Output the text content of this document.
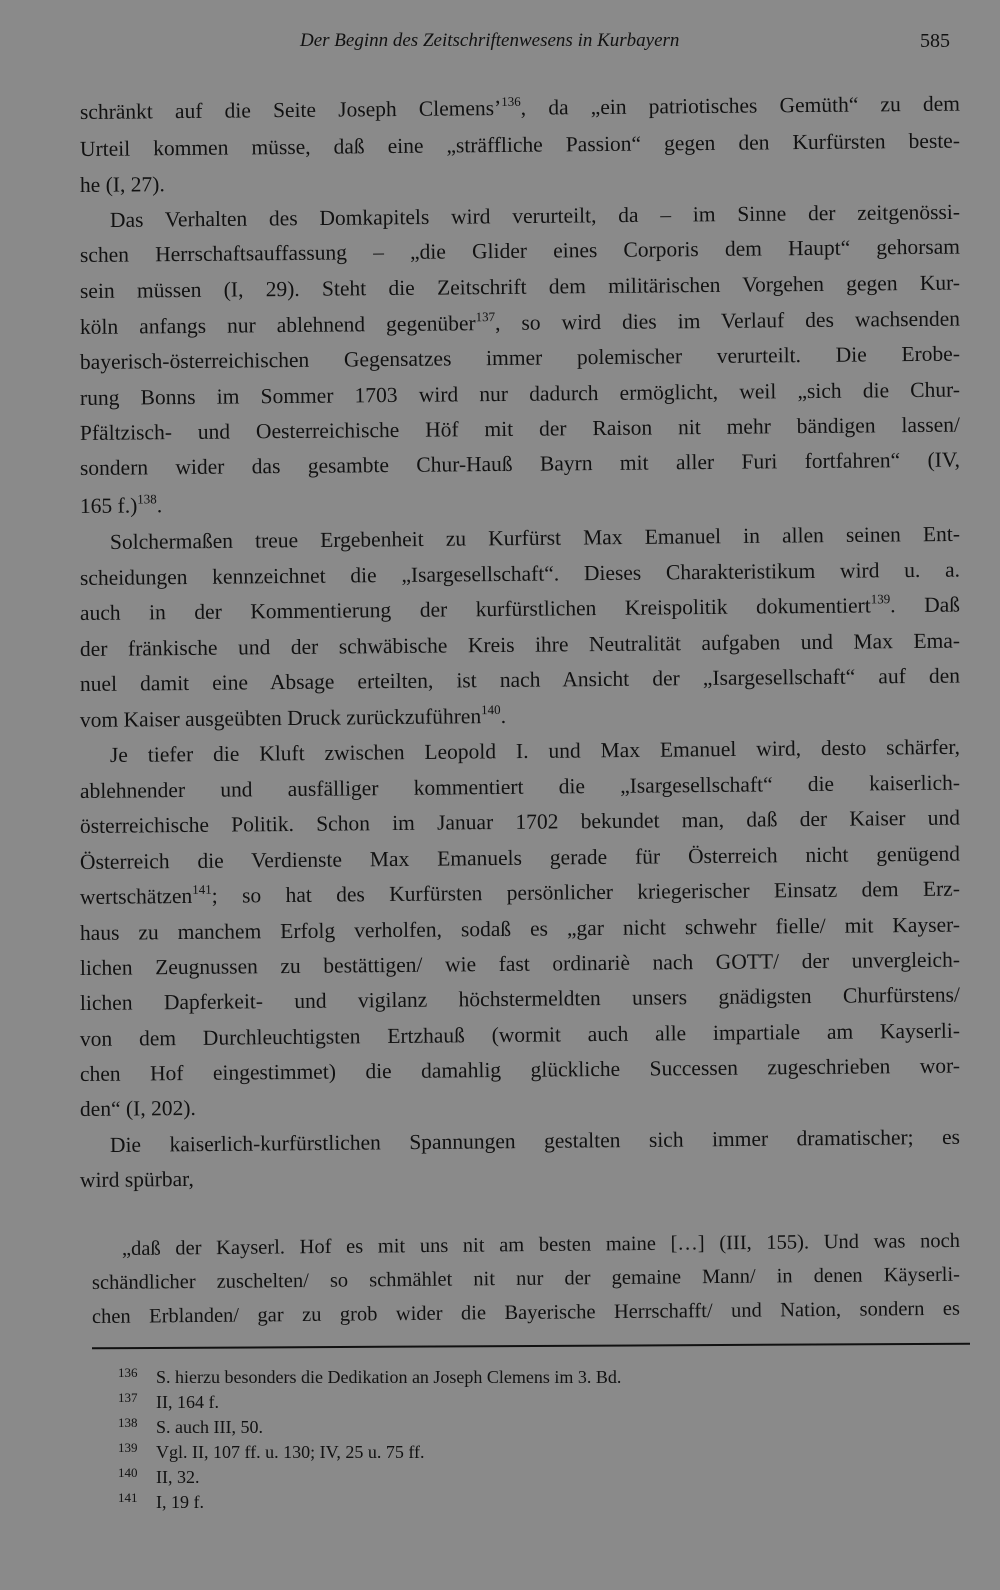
Der Beginn des Zeitschriftenwesens in Kurbayern	585
schränkt auf die Seite Joseph Clemens’$^{136}$, da „ein patriotisches Gemüth“ zu dem
Urteil kommen müsse, daß eine „sträffliche Passion“ gegen den Kurfürsten beste-
he (I, 27).
Das Verhalten des Domkapitels wird verurteilt, da – im Sinne der zeitgenössi-
schen Herrschaftsauffassung – „die Glider eines Corporis dem Haupt“ gehorsam
sein müssen (I, 29). Steht die Zeitschrift dem militärischen Vorgehen gegen Kur-
köln anfangs nur ablehnend gegenüber$^{137}$, so wird dies im Verlauf des wachsenden
bayerisch-österreichischen Gegensatzes immer polemischer verurteilt. Die Erobe-
rung Bonns im Sommer 1703 wird nur dadurch ermöglicht, weil „sich die Chur-
Pfältzisch- und Oesterreichische Höf mit der Raison nit mehr bändigen lassen/
sondern wider das gesambte Chur-Hauß Bayrn mit aller Furi fortfahren“ (IV,
165 f.)$^{138}$.
Solchermaßen treue Ergebenheit zu Kurfürst Max Emanuel in allen seinen Ent-
scheidungen kennzeichnet die „Isargesellschaft“. Dieses Charakteristikum wird u. a.
auch in der Kommentierung der kurfürstlichen Kreispolitik dokumentiert$^{139}$. Daß
der fränkische und der schwäbische Kreis ihre Neutralität aufgaben und Max Ema-
nuel damit eine Absage erteilten, ist nach Ansicht der „Isargesellschaft“ auf den
vom Kaiser ausgeübten Druck zurückzuführen$^{140}$.
Je tiefer die Kluft zwischen Leopold I. und Max Emanuel wird, desto schärfer,
ablehnender und ausfälliger kommentiert die „Isargesellschaft“ die kaiserlich-
österreichische Politik. Schon im Januar 1702 bekundet man, daß der Kaiser und
Österreich die Verdienste Max Emanuels gerade für Österreich nicht genügend
wertschätzen$^{141}$; so hat des Kurfürsten persönlicher kriegerischer Einsatz dem Erz-
haus zu manchem Erfolg verholfen, sodaß es „gar nicht schwehr fielle/ mit Kayser-
lichen Zeugnussen zu bestättigen/ wie fast ordinariè nach GOTT/ der unvergleich-
lichen Dapferkeit- und vigilanz höchstermeldten unsers gnädigsten Churfürstens/
von dem Durchleuchtigsten Ertzhauß (wormit auch alle impartiale am Kayserli-
chen Hof eingestimmet) die damahlig glückliche Successen zugeschrieben wor-
den“ (I, 202).
Die kaiserlich-kurfürstlichen Spannungen gestalten sich immer dramatischer; es
wird spürbar,
„daß der Kayserl. Hof es mit uns nit am besten maine […] (III, 155). Und was noch
schändlicher zuschelten/ so schmählet nit nur der gemaine Mann/ in denen Käyserli-
chen Erblanden/ gar zu grob wider die Bayerische Herrschafft/ und Nation, sondern es
136 S. hierzu besonders die Dedikation an Joseph Clemens im 3. Bd.
137 II, 164 f.
138 S. auch III, 50.
139 Vgl. II, 107 ff. u. 130; IV, 25 u. 75 ff.
140 II, 32.
141 I, 19 f.
